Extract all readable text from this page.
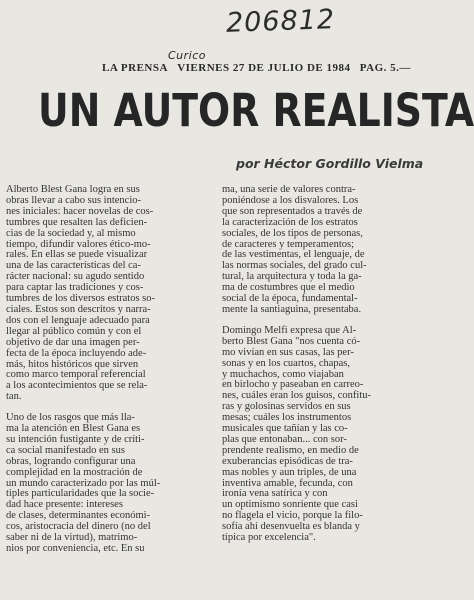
206812
LA PRENSA
Curico
VIERNES 27 DE JULIO DE 1984 PAG. 5.—
UN AUTOR REALISTA
por Héctor Gordillo Vielma

Alberto Blest Gana logra en sus
obras llevar a cabo sus intencio-
nes iniciales: hacer novelas de cos-
tumbres que resalten las deficien-
cias de la sociedad y, al mismo
tiempo, difundir valores ético-mo-
rales. En ellas se puede visualizar
una de las características del ca-
rácter nacional: su agudo sentido
para captar las tradiciones y cos-
tumbres de los diversos estratos so-
ciales. Estos son descritos y narra-
dos con el lenguaje adecuado para
llegar al público común y con el
objetivo de dar una imagen per-
fecta de la época incluyendo ade-
más, hitos históricos que sirven
como marco temporal referencial
a los acontecimientos que se rela-
tan.

Uno de los rasgos que más lla-
ma la atención en Blest Gana es
su intención fustigante y de críti-
ca social manifestado en sus
obras, logrando configurar una
complejidad en la mostración de
un mundo caracterizado por las múl-
tiples particularidades que la socie-
dad hace presente: intereses
de clases, determinantes económi-
cos, aristocracia del dinero (no del
saber ni de la virtud), matrimo-
nios por conveniencia, etc. En su

ma, una serie de valores contra-
poniéndose a los disvalores. Los
que son representados a través de
la caracterización de los estratos
sociales, de los tipos de personas,
de caracteres y temperamentos;
de las vestimentas, el lenguaje, de
las normas sociales, del grado cul-
tural, la arquitectura y toda la ga-
ma de costumbres que el medio
social de la época, fundamental-
mente la santiaguina, presentaba.

Domingo Melfi expresa que Al-
berto Blest Gana "nos cuenta có-
mo vivían en sus casas, las per-
sonas y en los cuartos, chapas,
y muchachos, como viajaban
en birlocho y paseaban en carreo-
nes, cuáles eran los guisos, confitu-
ras y golosinas servidos en sus
mesas; cuáles los instrumentos
musicales que tañían y las co-
plas que entonaban... con sor-
prendente realismo, en medio de
exuberancias episódicas de tra-
mas nobles y aun triples, de una
inventiva amable, fecunda, con
ironía vena satírica y con
un optimismo sonriente que casi
no flagela el vicio, porque la filo-
sofía ahí desenvuelta es blanda y
típica por excelencia".
